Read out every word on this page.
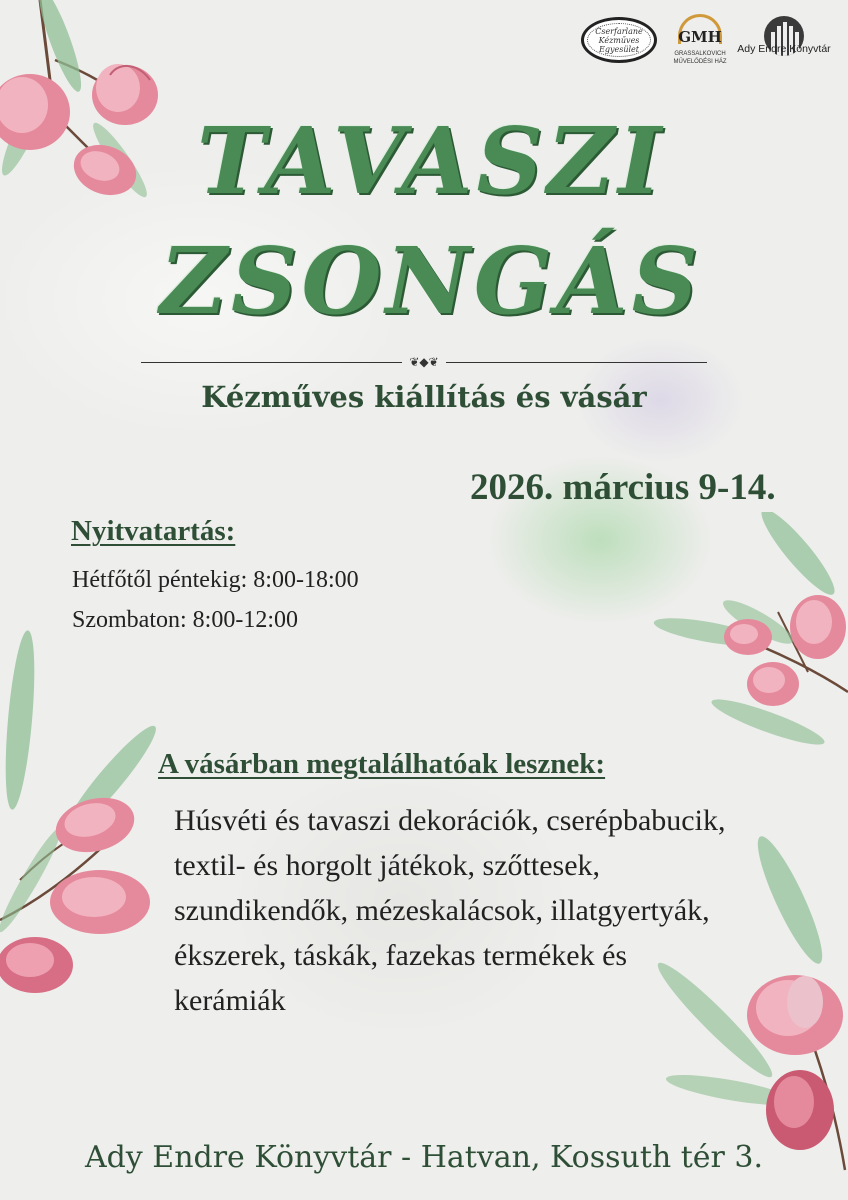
Cserfarlane Kézműves Egyesület
GMH
GRASSALKOVICH
MŰVELŐDÉSI HÁZ
Ady Endre Könyvtár
TAVASZI
ZSONGÁS
❦◆❦
Kézműves kiállítás és vásár
2026. március 9-14.
Nyitvatartás:
Hétfőtől péntekig: 8:00-18:00
Szombaton: 8:00-12:00
A vásárban megtalálhatóak lesznek:

Húsvéti és tavaszi dekorációk, cserépbabucik, textil- és horgolt játékok, szőttesek, szundikendők, mézeskalácsok, illatgyertyák, ékszerek, táskák, fazekas termékek és kerámiák

Ady Endre Könyvtár - Hatvan, Kossuth tér 3.
